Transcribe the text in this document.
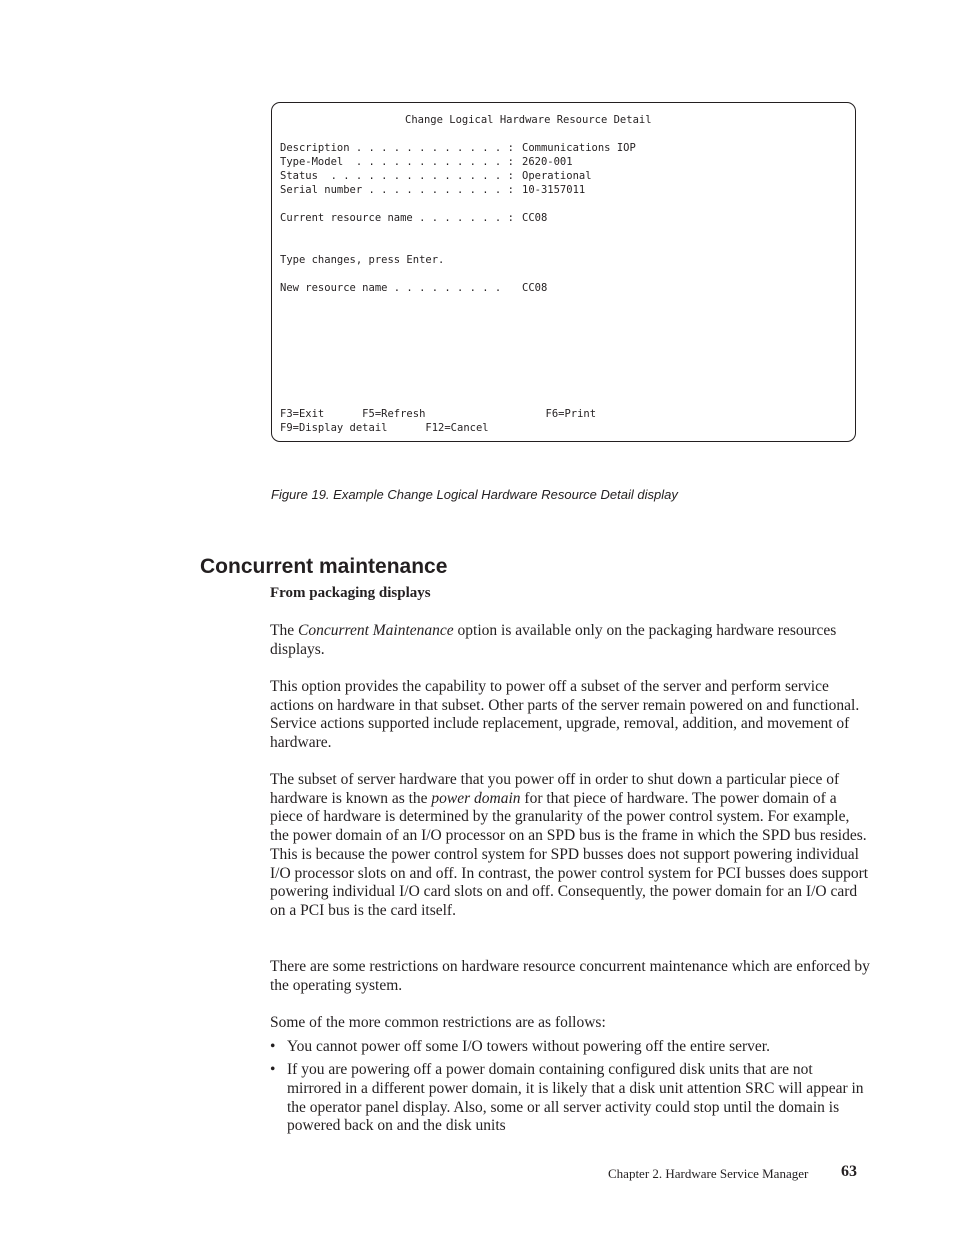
Change Logical Hardware Resource Detail
Description . . . . . . . . . . . . : Communications IOP
Type-Model  . . . . . . . . . . . . : 2620-001
Status  . . . . . . . . . . . . . . : Operational
Serial number . . . . . . . . . . . : 10-3157011
Current resource name . . . . . . . : CC08
Type changes, press Enter.
New resource name . . . . . . . . . CC08
F3=Exit      F5=Refresh                   F6=Print
F9=Display detail      F12=Cancel
Figure 19. Example Change Logical Hardware Resource Detail display
Concurrent maintenance
From packaging displays

The Concurrent Maintenance option is available only on the packaging hardware resources displays.

This option provides the capability to power off a subset of the server and perform service actions on hardware in that subset. Other parts of the server remain powered on and functional. Service actions supported include replacement, upgrade, removal, addition, and movement of hardware.

The subset of server hardware that you power off in order to shut down a particular piece of hardware is known as the power domain for that piece of hardware. The power domain of a piece of hardware is determined by the granularity of the power control system. For example, the power domain of an I/O processor on an SPD bus is the frame in which the SPD bus resides. This is because the power control system for SPD busses does not support powering individual I/O processor slots on and off. In contrast, the power control system for PCI busses does support powering individual I/O card slots on and off. Consequently, the power domain for an I/O card on a PCI bus is the card itself.

There are some restrictions on hardware resource concurrent maintenance which are enforced by the operating system.

Some of the more common restrictions are as follows:

• You cannot power off some I/O towers without powering off the entire server.
• If you are powering off a power domain containing configured disk units that are not mirrored in a different power domain, it is likely that a disk unit attention SRC will appear in the operator panel display. Also, some or all server activity could stop until the domain is powered back on and the disk units
Chapter 2. Hardware Service Manager 63
